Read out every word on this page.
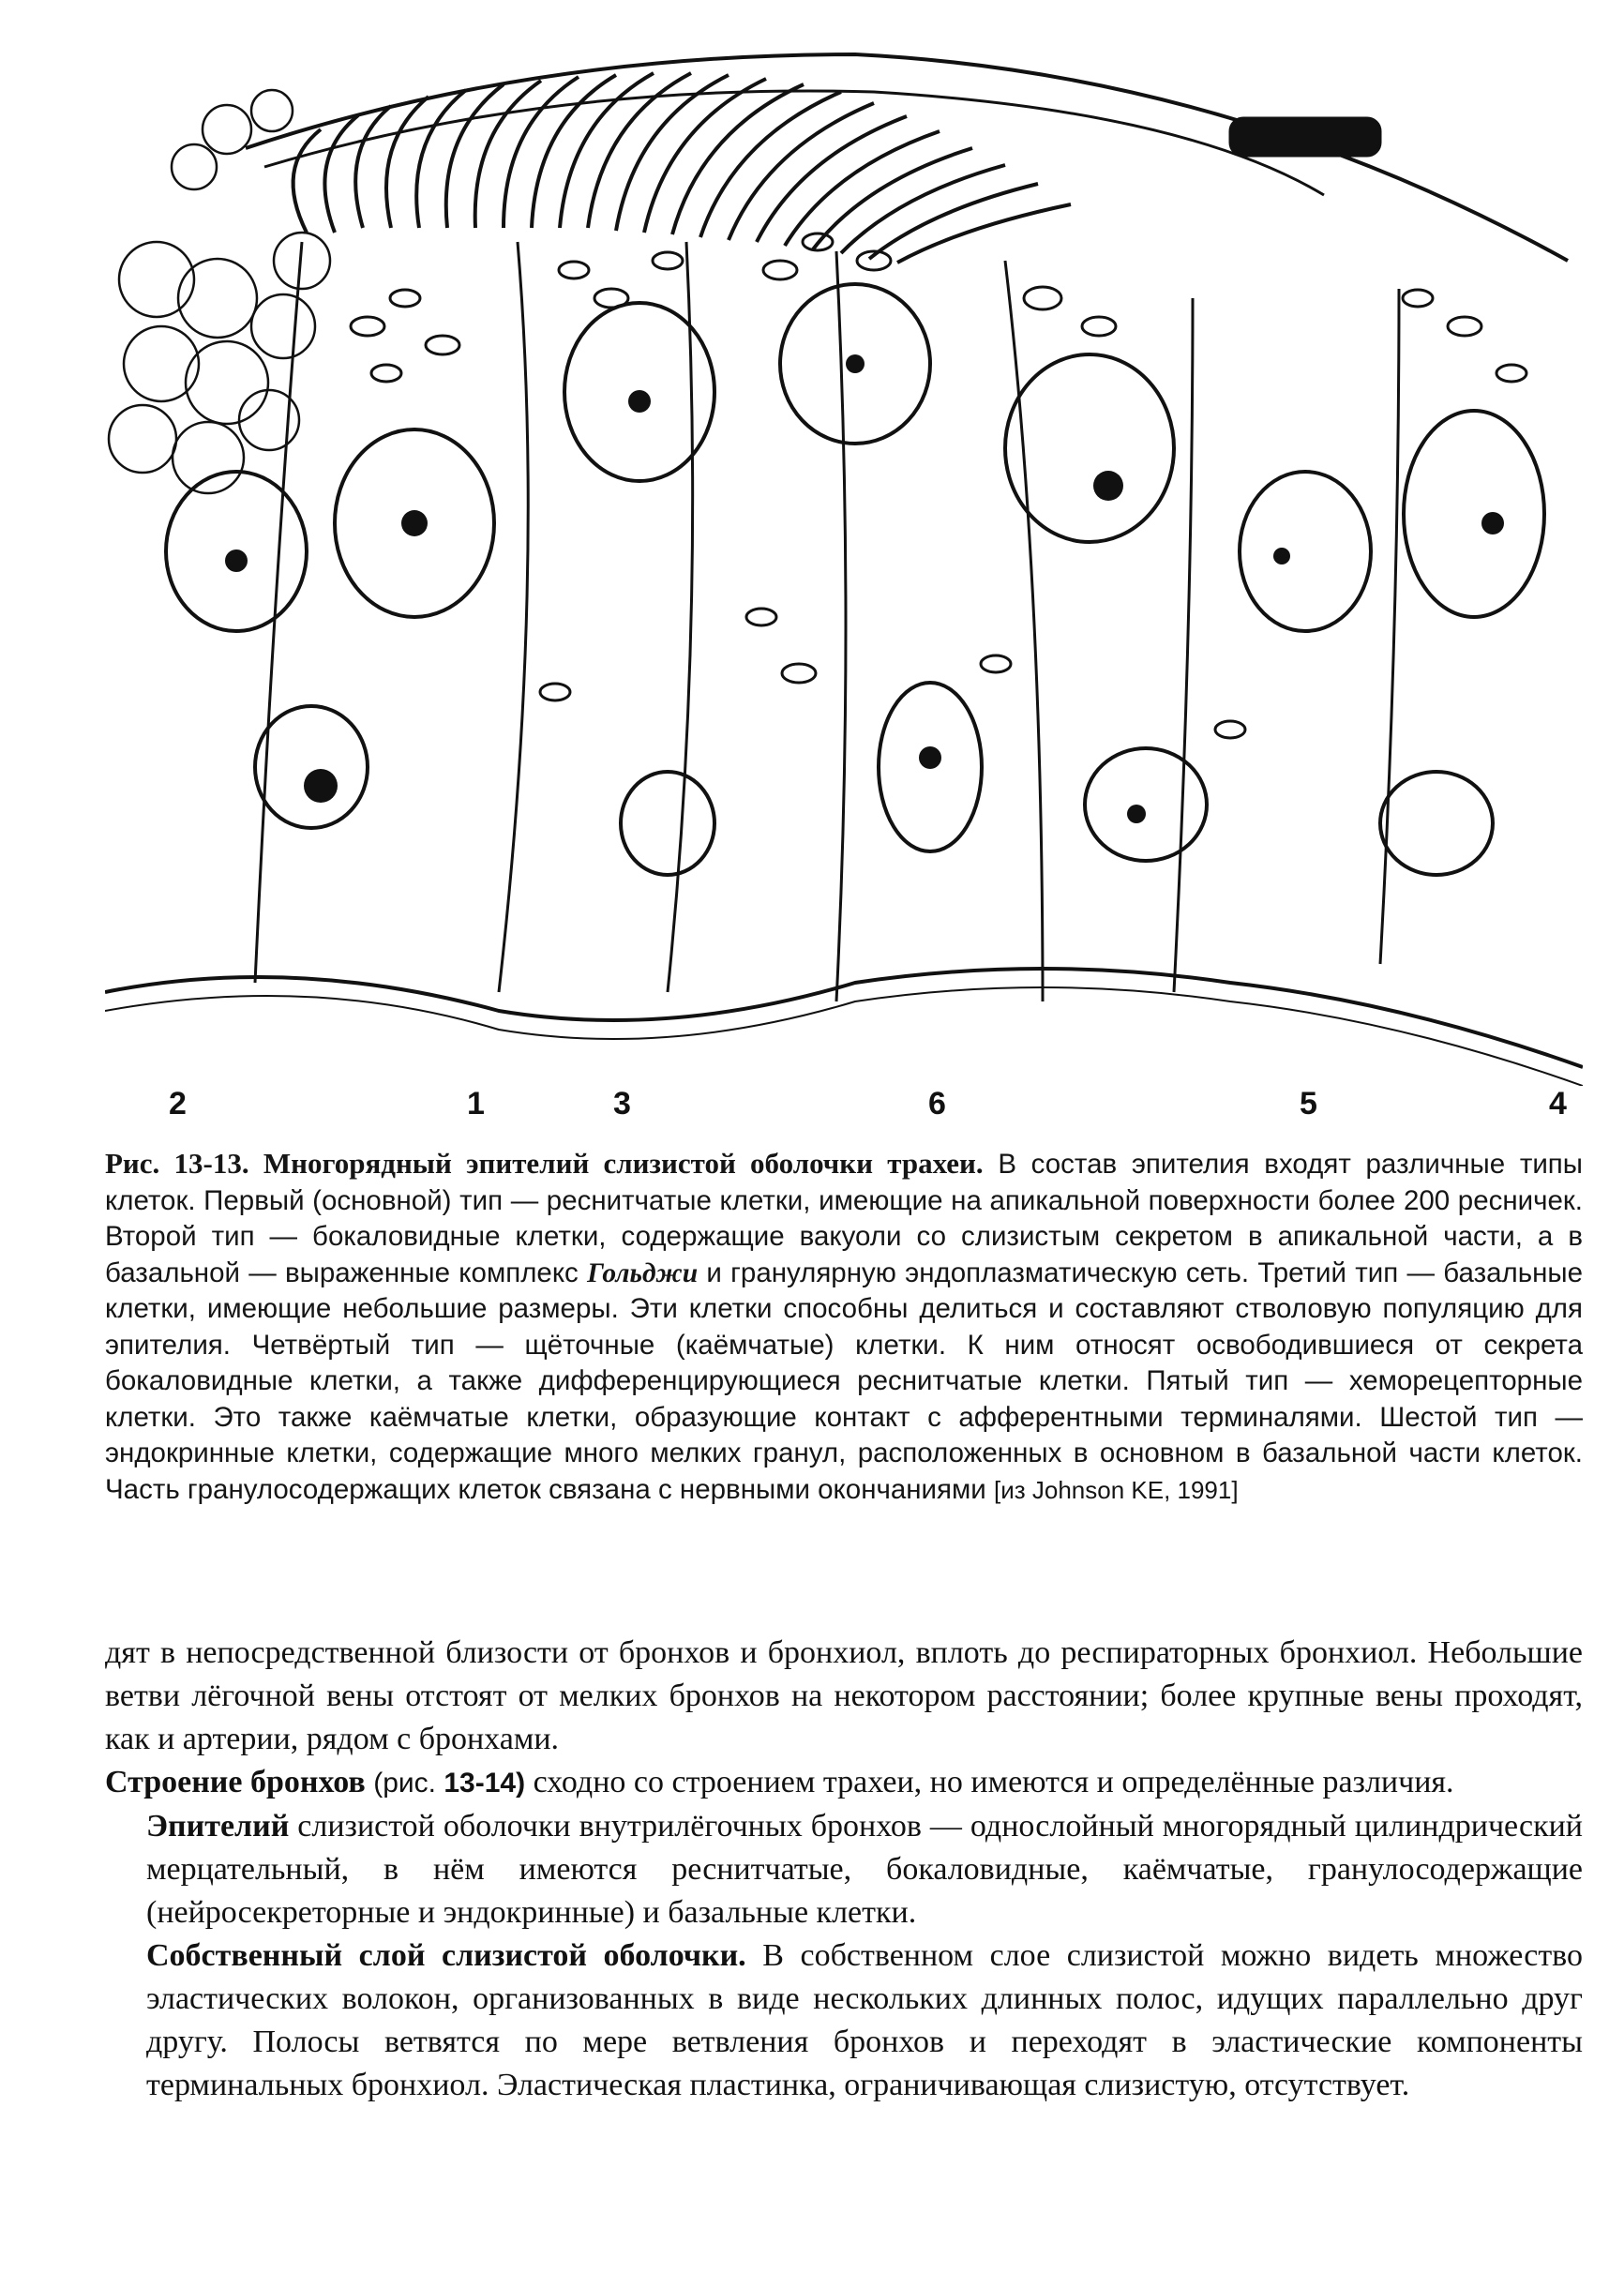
2	1	3	6	5	4
Рис. 13-13. Многорядный эпителий слизистой оболочки трахеи. В состав эпителия входят различные типы клеток. Первый (основной) тип — реснитчатые клетки, имеющие на апикальной поверхности более 200 ресничек. Второй тип — бокаловидные клетки, содержащие вакуоли со слизистым секретом в апикальной части, а в базальной — выраженные комплекс Гольджи и гранулярную эндоплазматическую сеть. Третий тип — базальные клетки, имеющие небольшие размеры. Эти клетки способны делиться и составляют стволовую популяцию для эпителия. Четвёртый тип — щёточные (каёмчатые) клетки. К ним относят освободившиеся от секрета бокаловидные клетки, а также дифференцирующиеся реснитчатые клетки. Пятый тип — хеморецепторные клетки. Это также каёмчатые клетки, образующие контакт с афферентными терминалями. Шестой тип — эндокринные клетки, содержащие много мелких гранул, расположенных в основном в базальной части клеток. Часть гранулосодержащих клеток связана с нервными окончаниями [из Johnson KE, 1991]

дят в непосредственной близости от бронхов и бронхиол, вплоть до респираторных бронхиол. Небольшие ветви лёгочной вены отстоят от мелких бронхов на некотором расстоянии; более крупные вены проходят, как и артерии, рядом с бронхами.

Строение бронхов (рис. 13-14) сходно со строением трахеи, но имеются и определённые различия.

Эпителий слизистой оболочки внутрилёгочных бронхов — однослойный многорядный цилиндрический мерцательный, в нём имеются реснитчатые, бокаловидные, каёмчатые, гранулосодержащие (нейросекреторные и эндокринные) и базальные клетки.

Собственный слой слизистой оболочки. В собственном слое слизистой можно видеть множество эластических волокон, организованных в виде нескольких длинных полос, идущих параллельно друг другу. Полосы ветвятся по мере ветвления бронхов и переходят в эластические компоненты терминальных бронхиол. Эластическая пластинка, ограничивающая слизистую, отсутствует.
